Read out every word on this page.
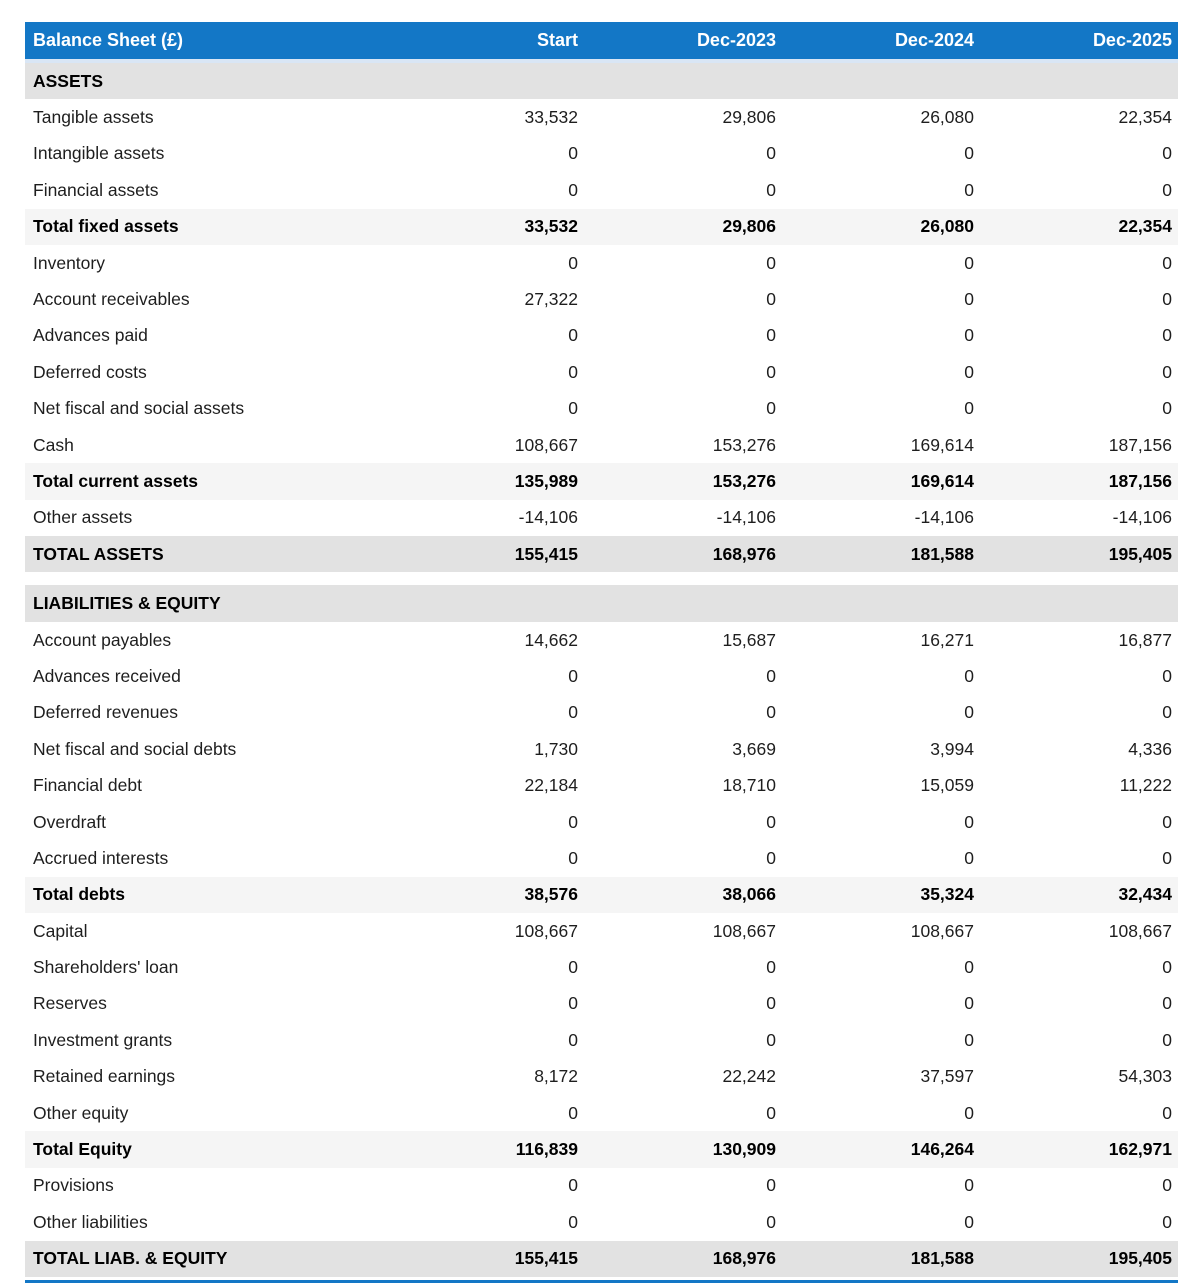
Balance Sheet (£)	Start	Dec-2023	Dec-2024	Dec-2025
ASSETS
Tangible assets	33,532	29,806	26,080	22,354
Intangible assets	0	0	0	0
Financial assets	0	0	0	0
Total fixed assets	33,532	29,806	26,080	22,354
Inventory	0	0	0	0
Account receivables	27,322	0	0	0
Advances paid	0	0	0	0
Deferred costs	0	0	0	0
Net fiscal and social assets	0	0	0	0
Cash	108,667	153,276	169,614	187,156
Total current assets	135,989	153,276	169,614	187,156
Other assets	-14,106	-14,106	-14,106	-14,106
TOTAL ASSETS	155,415	168,976	181,588	195,405
LIABILITIES & EQUITY
Account payables	14,662	15,687	16,271	16,877
Advances received	0	0	0	0
Deferred revenues	0	0	0	0
Net fiscal and social debts	1,730	3,669	3,994	4,336
Financial debt	22,184	18,710	15,059	11,222
Overdraft	0	0	0	0
Accrued interests	0	0	0	0
Total debts	38,576	38,066	35,324	32,434
Capital	108,667	108,667	108,667	108,667
Shareholders' loan	0	0	0	0
Reserves	0	0	0	0
Investment grants	0	0	0	0
Retained earnings	8,172	22,242	37,597	54,303
Other equity	0	0	0	0
Total Equity	116,839	130,909	146,264	162,971
Provisions	0	0	0	0
Other liabilities	0	0	0	0
TOTAL LIAB. & EQUITY	155,415	168,976	181,588	195,405
